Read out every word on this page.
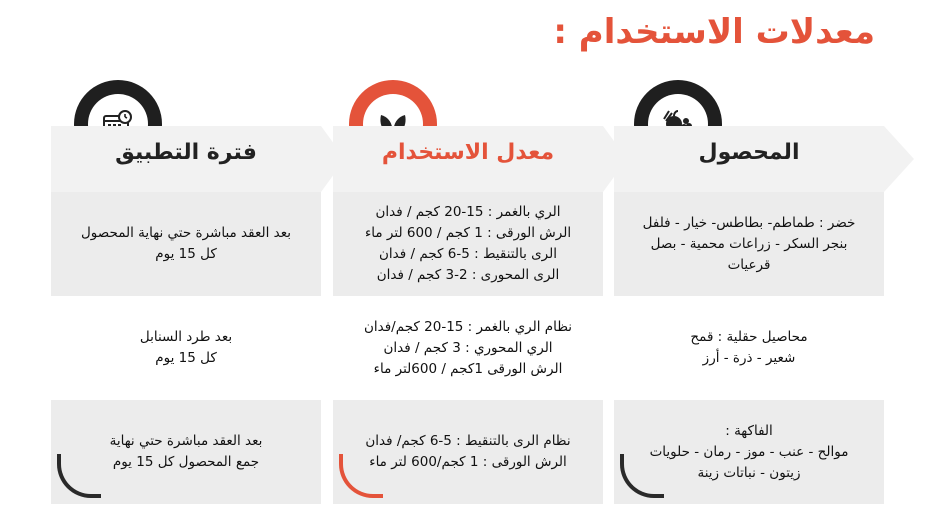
معدلات الاستخدام :
فترة التطبيق
بعد العقد مباشرة حتي نهاية المحصول
كل 15 يوم
بعد طرد السنابل
كل 15 يوم
بعد العقد مباشرة حتي نهاية
جمع المحصول كل 15 يوم
معدل الاستخدام
الري بالغمر : 15-20 كجم / فدان
الرش الورقى : 1 كجم / 600 لتر ماء
الرى بالتنقيط : 5-6 كجم / فدان
الرى المحورى : 2-3 كجم / فدان
نظام الري بالغمر : 15-20 كجم/فدان
الري المحوري : 3 كجم / فدان
الرش الورقى 1كجم / 600لتر ماء
نظام الرى بالتنقيط : 5-6 كجم/ فدان
الرش الورقى : 1 كجم/600 لتر ماء
المحصول
خضر : طماطم- بطاطس- خيار - فلفل
بنجر السكر - زراعات محمية - بصل
قرعيات
محاصيل حقلية : قمح
شعير - ذرة - أرز
الفاكهة :
موالح - عنب - موز - رمان - حلويات
زيتون - نباتات زينة
